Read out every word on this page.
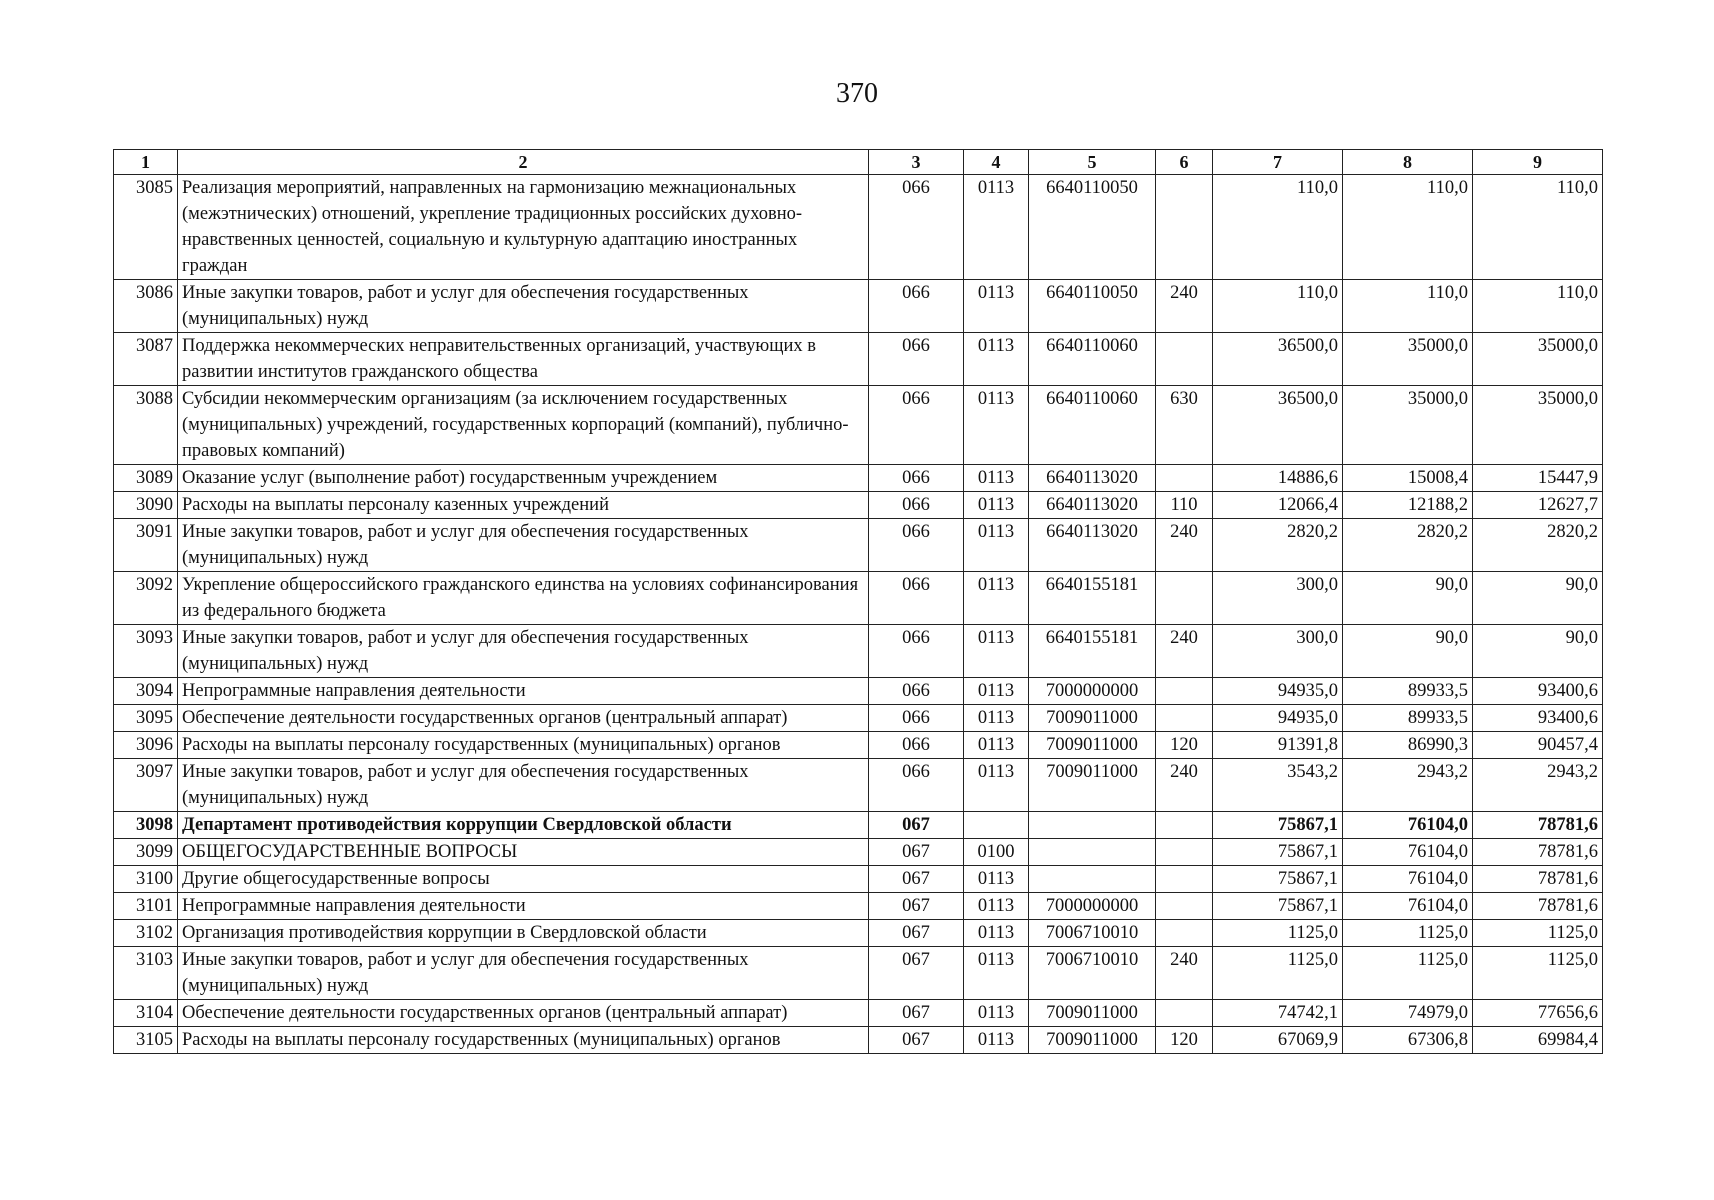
370
1	2	3	4	5	6	7	8	9
3085	Реализация мероприятий, направленных на гармонизацию межнациональных (межэтнических) отношений, укрепление традиционных российских духовно-нравственных ценностей, социальную и культурную адаптацию иностранных граждан	066	0113	6640110050		110,0	110,0	110,0
3086	Иные закупки товаров, работ и услуг для обеспечения государственных (муниципальных) нужд	066	0113	6640110050	240	110,0	110,0	110,0
3087	Поддержка некоммерческих неправительственных организаций, участвующих в развитии институтов гражданского общества	066	0113	6640110060		36500,0	35000,0	35000,0
3088	Субсидии некоммерческим организациям (за исключением государственных (муниципальных) учреждений, государственных корпораций (компаний), публично-правовых компаний)	066	0113	6640110060	630	36500,0	35000,0	35000,0
3089	Оказание услуг (выполнение работ) государственным учреждением	066	0113	6640113020		14886,6	15008,4	15447,9
3090	Расходы на выплаты персоналу казенных учреждений	066	0113	6640113020	110	12066,4	12188,2	12627,7
3091	Иные закупки товаров, работ и услуг для обеспечения государственных (муниципальных) нужд	066	0113	6640113020	240	2820,2	2820,2	2820,2
3092	Укрепление общероссийского гражданского единства на условиях софинансирования из федерального бюджета	066	0113	6640155181		300,0	90,0	90,0
3093	Иные закупки товаров, работ и услуг для обеспечения государственных (муниципальных) нужд	066	0113	6640155181	240	300,0	90,0	90,0
3094	Непрограммные направления деятельности	066	0113	7000000000		94935,0	89933,5	93400,6
3095	Обеспечение деятельности государственных органов (центральный аппарат)	066	0113	7009011000		94935,0	89933,5	93400,6
3096	Расходы на выплаты персоналу государственных (муниципальных) органов	066	0113	7009011000	120	91391,8	86990,3	90457,4
3097	Иные закупки товаров, работ и услуг для обеспечения государственных (муниципальных) нужд	066	0113	7009011000	240	3543,2	2943,2	2943,2
3098	Департамент противодействия коррупции Свердловской области	067				75867,1	76104,0	78781,6
3099	ОБЩЕГОСУДАРСТВЕННЫЕ ВОПРОСЫ	067	0100			75867,1	76104,0	78781,6
3100	Другие общегосударственные вопросы	067	0113			75867,1	76104,0	78781,6
3101	Непрограммные направления деятельности	067	0113	7000000000		75867,1	76104,0	78781,6
3102	Организация противодействия коррупции в Свердловской области	067	0113	7006710010		1125,0	1125,0	1125,0
3103	Иные закупки товаров, работ и услуг для обеспечения государственных (муниципальных) нужд	067	0113	7006710010	240	1125,0	1125,0	1125,0
3104	Обеспечение деятельности государственных органов (центральный аппарат)	067	0113	7009011000		74742,1	74979,0	77656,6
3105	Расходы на выплаты персоналу государственных (муниципальных) органов	067	0113	7009011000	120	67069,9	67306,8	69984,4
